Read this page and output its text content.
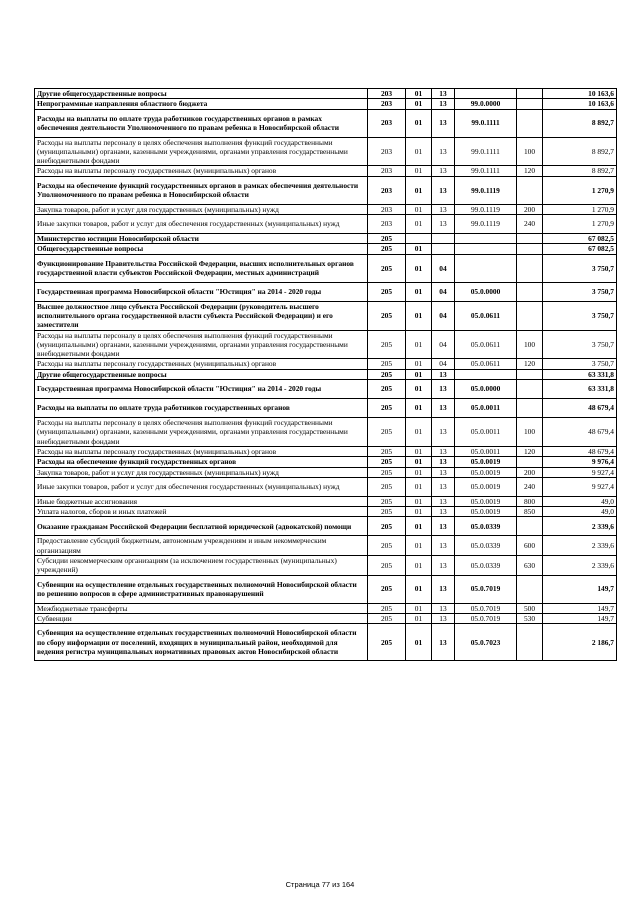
Другие общегосударственные вопросы	203	01	13			10 163,6
Непрограммные направления областного бюджета	203	01	13	99.0.0000		10 163,6
Расходы на выплаты по оплате труда работников государственных органов в рамках обеспечения деятельности Уполномоченного по правам ребенка в Новосибирской области	203	01	13	99.0.1111		8 892,7
Расходы на выплаты персоналу в целях обеспечения выполнения функций государственными (муниципальными) органами, казенными учреждениями, органами управления государственными внебюджетными фондами	203	01	13	99.0.1111	100	8 892,7
Расходы на выплаты персоналу государственных (муниципальных) органов	203	01	13	99.0.1111	120	8 892,7
Расходы на обеспечение функций государственных органов в рамках обеспечения деятельности Уполномоченного по правам ребенка в Новосибирской области	203	01	13	99.0.1119		1 270,9
Закупка товаров, работ и услуг для государственных (муниципальных) нужд	203	01	13	99.0.1119	200	1 270,9
Иные закупки товаров, работ и услуг для обеспечения государственных (муниципальных) нужд	203	01	13	99.0.1119	240	1 270,9
Министерство юстиции Новосибирской области	205					67 082,5
Общегосударственные вопросы	205	01				67 082,5
Функционирование Правительства Российской Федерации, высших исполнительных органов государственной власти субъектов Российской Федерации, местных администраций	205	01	04			3 750,7
Государственная программа Новосибирской области "Юстиция" на 2014 - 2020 годы	205	01	04	05.0.0000		3 750,7
Высшее должностное лицо субъекта Российской Федерации (руководитель высшего исполнительного органа государственной власти субъекта Российской Федерации) и его заместители	205	01	04	05.0.0611		3 750,7
Расходы на выплаты персоналу в целях обеспечения выполнения функций государственными (муниципальными) органами, казенными учреждениями, органами управления государственными внебюджетными фондами	205	01	04	05.0.0611	100	3 750,7
Расходы на выплаты персоналу государственных (муниципальных) органов	205	01	04	05.0.0611	120	3 750,7
Другие общегосударственные вопросы	205	01	13			63 331,8
Государственная программа Новосибирской области "Юстиция" на 2014 - 2020 годы	205	01	13	05.0.0000		63 331,8
Расходы на выплаты по оплате труда работников государственных органов	205	01	13	05.0.0011		48 679,4
Расходы на выплаты персоналу в целях обеспечения выполнения функций государственными (муниципальными) органами, казенными учреждениями, органами управления государственными внебюджетными фондами	205	01	13	05.0.0011	100	48 679,4
Расходы на выплаты персоналу государственных (муниципальных) органов	205	01	13	05.0.0011	120	48 679,4
Расходы на обеспечение функций государственных органов	205	01	13	05.0.0019		9 976,4
Закупка товаров, работ и услуг для государственных (муниципальных) нужд	205	01	13	05.0.0019	200	9 927,4
Иные закупки товаров, работ и услуг для обеспечения государственных (муниципальных) нужд	205	01	13	05.0.0019	240	9 927,4
Иные бюджетные ассигнования	205	01	13	05.0.0019	800	49,0
Уплата налогов, сборов и иных платежей	205	01	13	05.0.0019	850	49,0
Оказание гражданам Российской Федерации бесплатной юридической (адвокатской) помощи	205	01	13	05.0.0339		2 339,6
Предоставление субсидий бюджетным, автономным учреждениям и иным некоммерческим организациям	205	01	13	05.0.0339	600	2 339,6
Субсидии некоммерческим организациям (за исключением государственных (муниципальных) учреждений)	205	01	13	05.0.0339	630	2 339,6
Субвенции на осуществление отдельных государственных полномочий Новосибирской области по решению вопросов в сфере административных правонарушений	205	01	13	05.0.7019		149,7
Межбюджетные трансферты	205	01	13	05.0.7019	500	149,7
Субвенции	205	01	13	05.0.7019	530	149,7
Субвенция на осуществление отдельных государственных полномочий Новосибирской области по сбору информации от поселений, входящих в муниципальный район, необходимой для ведения регистра муниципальных нормативных правовых актов Новосибирской области	205	01	13	05.0.7023		2 186,7
Страница 77 из 164
